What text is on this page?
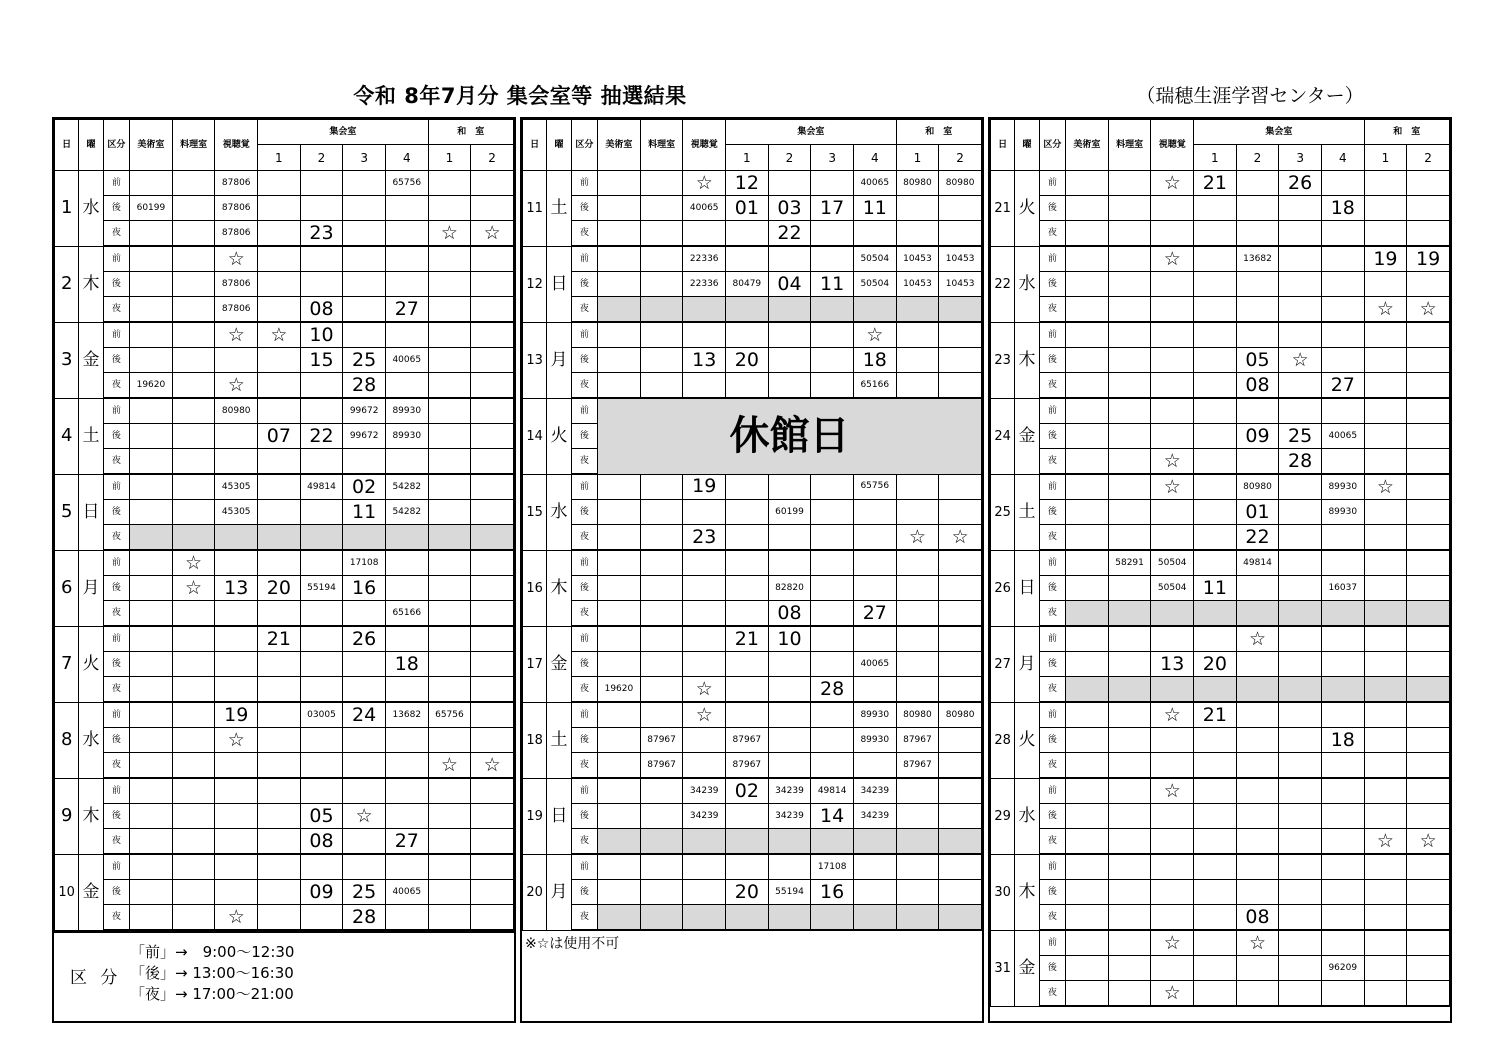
令和 8年7月分 集会室等 抽選結果	（瑞穂生涯学習センター）
日	曜	区分	美術室	料理室	視聴覚	集会室				和　室	
						1	2	3	4	1	2
1	水	前			87806				65756		
		後	60199		87806						
		夜			87806		23			☆	☆
2	木	前			☆						
		後			87806						
		夜			87806		08		27		
3	金	前			☆	☆	10				
		後					15	25	40065		
		夜	19620		☆			28			
4	土	前			80980			99672	89930		
		後				07	22	99672	89930		
		夜									
5	日	前			45305		49814	02	54282		
		後			45305			11	54282		
		夜									
6	月	前		☆				17108			
		後		☆	13	20	55194	16			
		夜							65166		
7	火	前				21		26			
		後							18		
		夜									
8	水	前			19		03005	24	13682	65756	
		後			☆						
		夜								☆	☆
9	木	前									
		後					05	☆			
		夜					08		27		
10	金	前									
		後					09	25	40065		
		夜			☆			28			
区 分
「前」→　9:00～12:30
「後」→ 13:00～16:30
「夜」→ 17:00～21:00
日	曜	区分	美術室	料理室	視聴覚	集会室				和　室	
						1	2	3	4	1	2
11	土	前			☆	12			40065	80980	80980
		後			40065	01	03	17	11		
		夜					22				
12	日	前			22336				50504	10453	10453
		後			22336	80479	04	11	50504	10453	10453
		夜									
13	月	前							☆		
		後			13	20			18		
		夜							65166		
14	火	前	休館日								
		後									
		夜									
15	水	前			19				65756		
		後					60199				
		夜			23					☆	☆
16	木	前									
		後					82820				
		夜					08		27		
17	金	前				21	10				
		後							40065		
		夜	19620		☆			28			
18	土	前			☆				89930	80980	80980
		後		87967		87967			89930	87967	
		夜		87967		87967				87967	
19	日	前			34239	02	34239	49814	34239		
		後			34239		34239	14	34239		
		夜									
20	月	前						17108			
		後				20	55194	16			
		夜									
※☆は使用不可
日	曜	区分	美術室	料理室	視聴覚	集会室				和　室	
						1	2	3	4	1	2
21	火	前			☆	21		26			
		後							18		
		夜									
22	水	前			☆		13682			19	19
		後									
		夜								☆	☆
23	木	前									
		後					05	☆			
		夜					08		27		
24	金	前									
		後					09	25	40065		
		夜			☆			28			
25	土	前			☆		80980		89930	☆	
		後					01		89930		
		夜					22				
26	日	前		58291	50504		49814				
		後			50504	11			16037		
		夜									
27	月	前					☆				
		後			13	20					
		夜									
28	火	前			☆	21					
		後							18		
		夜									
29	水	前			☆						
		後									
		夜								☆	☆
30	木	前									
		後									
		夜					08				
31	金	前			☆		☆				
		後							96209		
		夜			☆						
